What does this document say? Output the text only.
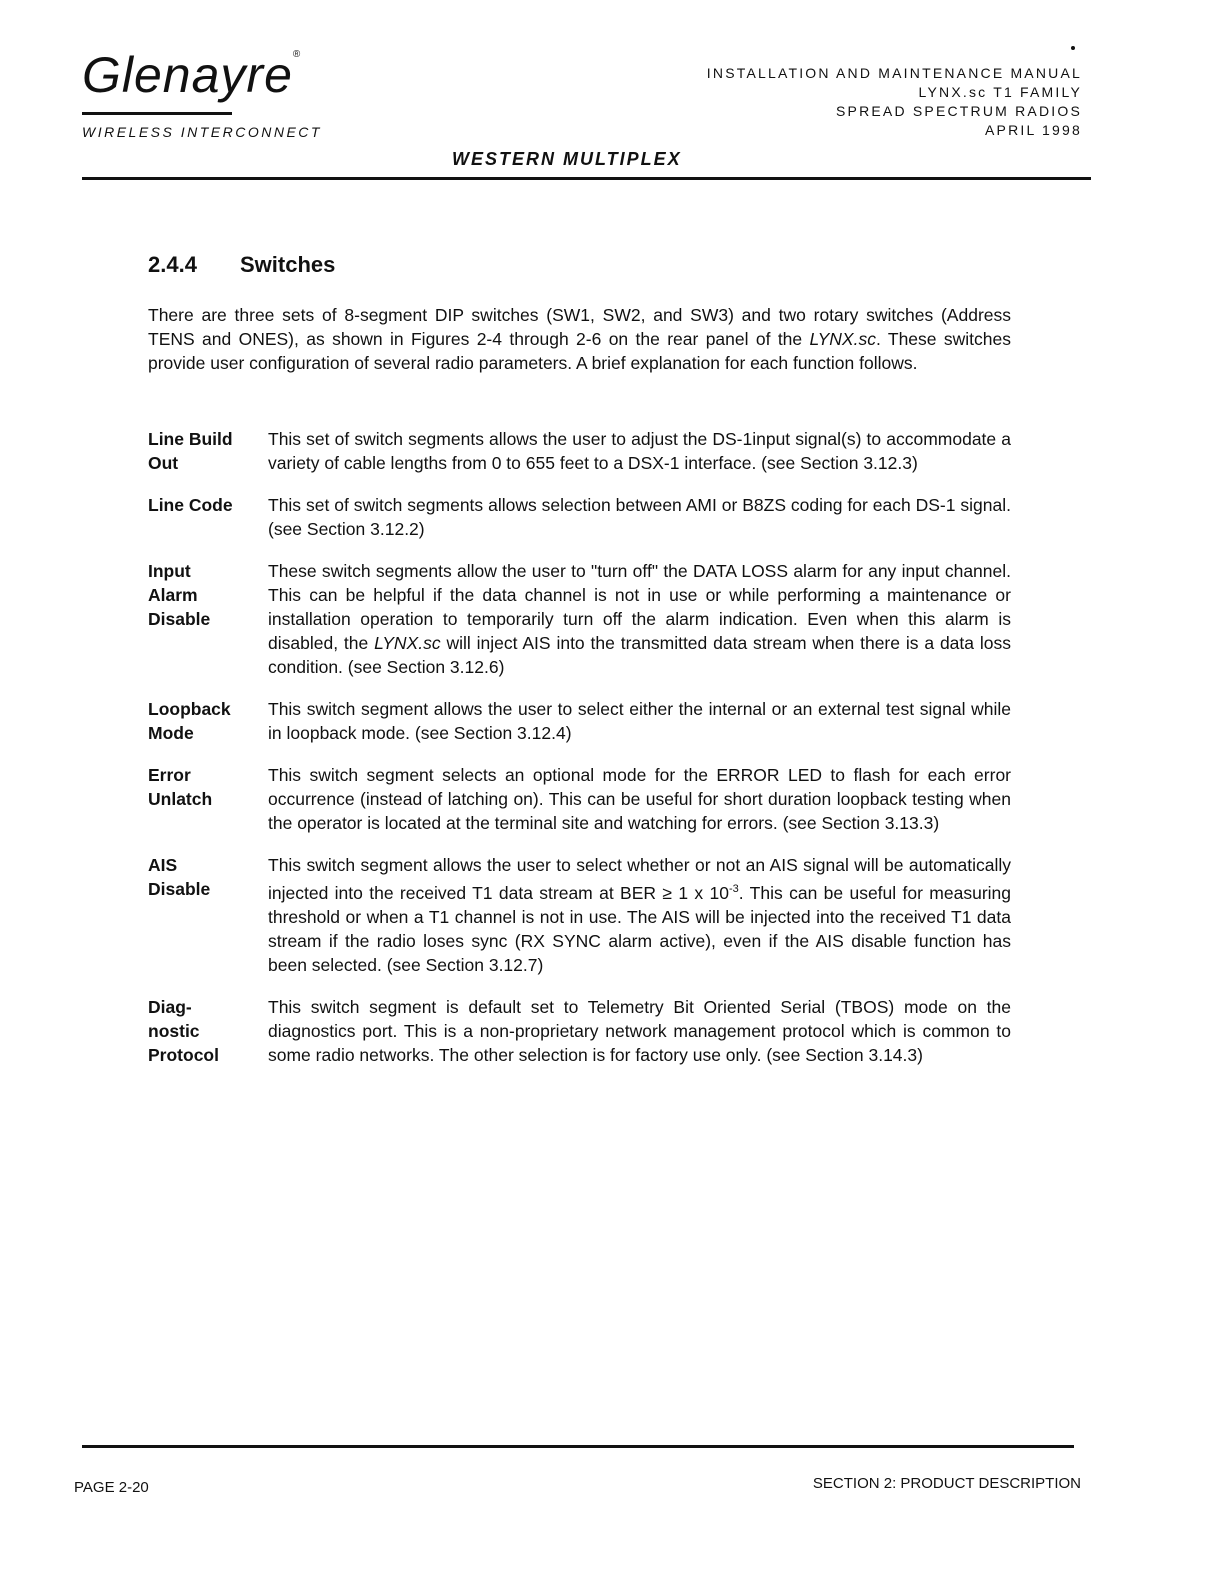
Glenayre®
WIRELESS INTERCONNECT
INSTALLATION AND MAINTENANCE MANUAL
LYNX.sc T1 FAMILY
SPREAD SPECTRUM RADIOS
APRIL 1998
WESTERN MULTIPLEX
2.4.4 Switches

There are three sets of 8-segment DIP switches (SW1, SW2, and SW3) and two rotary switches (Address TENS and ONES), as shown in Figures 2-4 through 2-6 on the rear panel of the LYNX.sc. These switches provide user configuration of several radio parameters. A brief explanation for each function follows.

Line Build
Out
This set of switch segments allows the user to adjust the DS-1input signal(s) to accommodate a variety of cable lengths from 0 to 655 feet to a DSX-1 interface. (see Section 3.12.3)
Line Code	This set of switch segments allows selection between AMI or B8ZS coding for each DS-1 signal. (see Section 3.12.2)
Input
Alarm
Disable
These switch segments allow the user to "turn off" the DATA LOSS alarm for any input channel. This can be helpful if the data channel is not in use or while performing a maintenance or installation operation to temporarily turn off the alarm indication. Even when this alarm is disabled, the LYNX.sc will inject AIS into the transmitted data stream when there is a data loss condition. (see Section 3.12.6)
Loopback
Mode
This switch segment allows the user to select either the internal or an external test signal while in loopback mode. (see Section 3.12.4)
Error
Unlatch
This switch segment selects an optional mode for the ERROR LED to flash for each error occurrence (instead of latching on). This can be useful for short duration loopback testing when the operator is located at the terminal site and watching for errors. (see Section 3.13.3)
AIS
Disable
This switch segment allows the user to select whether or not an AIS signal will be automatically injected into the received T1 data stream at BER ≥ 1 x $10^{-3}$. This can be useful for measuring threshold or when a T1 channel is not in use. The AIS will be injected into the received T1 data stream if the radio loses sync (RX SYNC alarm active), even if the AIS disable function has been selected. (see Section 3.12.7)
Diag-
nostic
Protocol
This switch segment is default set to Telemetry Bit Oriented Serial (TBOS) mode on the diagnostics port. This is a non-proprietary network management protocol which is common to some radio networks. The other selection is for factory use only. (see Section 3.14.3)
PAGE 2-20	SECTION 2: PRODUCT DESCRIPTION
